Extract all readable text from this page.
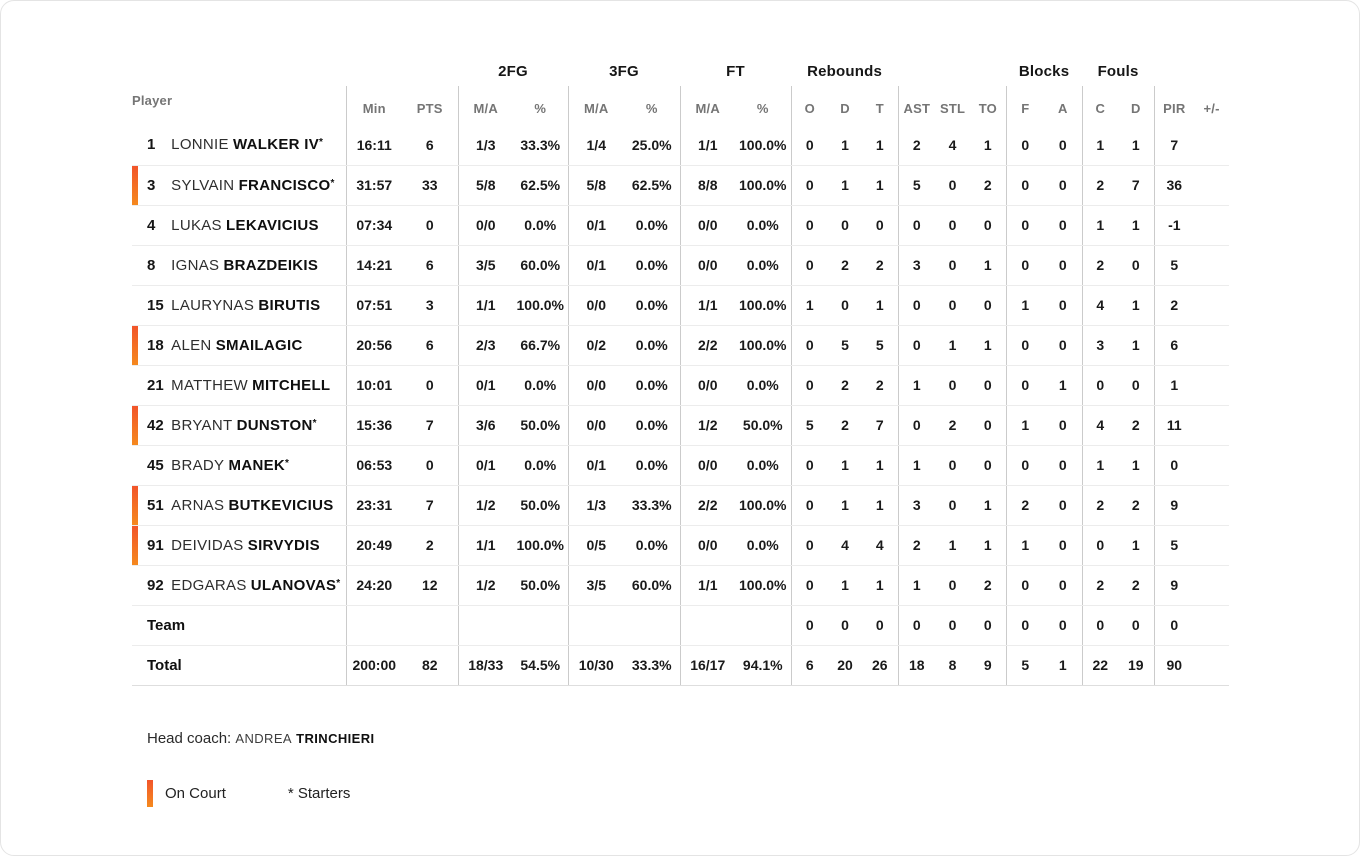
			2FG		3FG		FT		Rebounds						Blocks		Fouls			
Player	Min	PTS	M/A	%	M/A	%	M/A	%	O	D	T	AST	STL	TO	F	A	C	D	PIR	+/-
1 LONNIE WALKER IV*	16:11	6	1/3	33.3%	1/4	25.0%	1/1	100.0%	0	1	1	2	4	1	0	0	1	1	7	

3 SYLVAIN FRANCISCO*	31:57	33	5/8	62.5%	5/8	62.5%	8/8	100.0%	0	1	1	5	0	2	0	0	2	7	36	
4 LUKAS LEKAVICIUS	07:34	0	0/0	0.0%	0/1	0.0%	0/0	0.0%	0	0	0	0	0	0	0	0	1	1	-1	
8 IGNAS BRAZDEIKIS	14:21	6	3/5	60.0%	0/1	0.0%	0/0	0.0%	0	2	2	3	0	1	0	0	2	0	5	
15 LAURYNAS BIRUTIS	07:51	3	1/1	100.0%	0/0	0.0%	1/1	100.0%	1	0	1	0	0	0	1	0	4	1	2	

18 ALEN SMAILAGIC	20:56	6	2/3	66.7%	0/2	0.0%	2/2	100.0%	0	5	5	0	1	1	0	0	3	1	6	
21 MATTHEW MITCHELL	10:01	0	0/1	0.0%	0/0	0.0%	0/0	0.0%	0	2	2	1	0	0	0	1	0	0	1	

42 BRYANT DUNSTON*	15:36	7	3/6	50.0%	0/0	0.0%	1/2	50.0%	5	2	7	0	2	0	1	0	4	2	11	
45 BRADY MANEK*	06:53	0	0/1	0.0%	0/1	0.0%	0/0	0.0%	0	1	1	1	0	0	0	0	1	1	0	

51 ARNAS BUTKEVICIUS	23:31	7	1/2	50.0%	1/3	33.3%	2/2	100.0%	0	1	1	3	0	1	2	0	2	2	9	

91 DEIVIDAS SIRVYDIS	20:49	2	1/1	100.0%	0/5	0.0%	0/0	0.0%	0	4	4	2	1	1	1	0	0	1	5	
92 EDGARAS ULANOVAS*	24:20	12	1/2	50.0%	3/5	60.0%	1/1	100.0%	0	1	1	1	0	2	0	0	2	2	9	
Team									0	0	0	0	0	0	0	0	0	0	0	
Total	200:00	82	18/33	54.5%	10/30	33.3%	16/17	94.1%	6	20	26	18	8	9	5	1	22	19	90	
Head coach: ANDREA TRINCHIERI
On Court	* Starters
